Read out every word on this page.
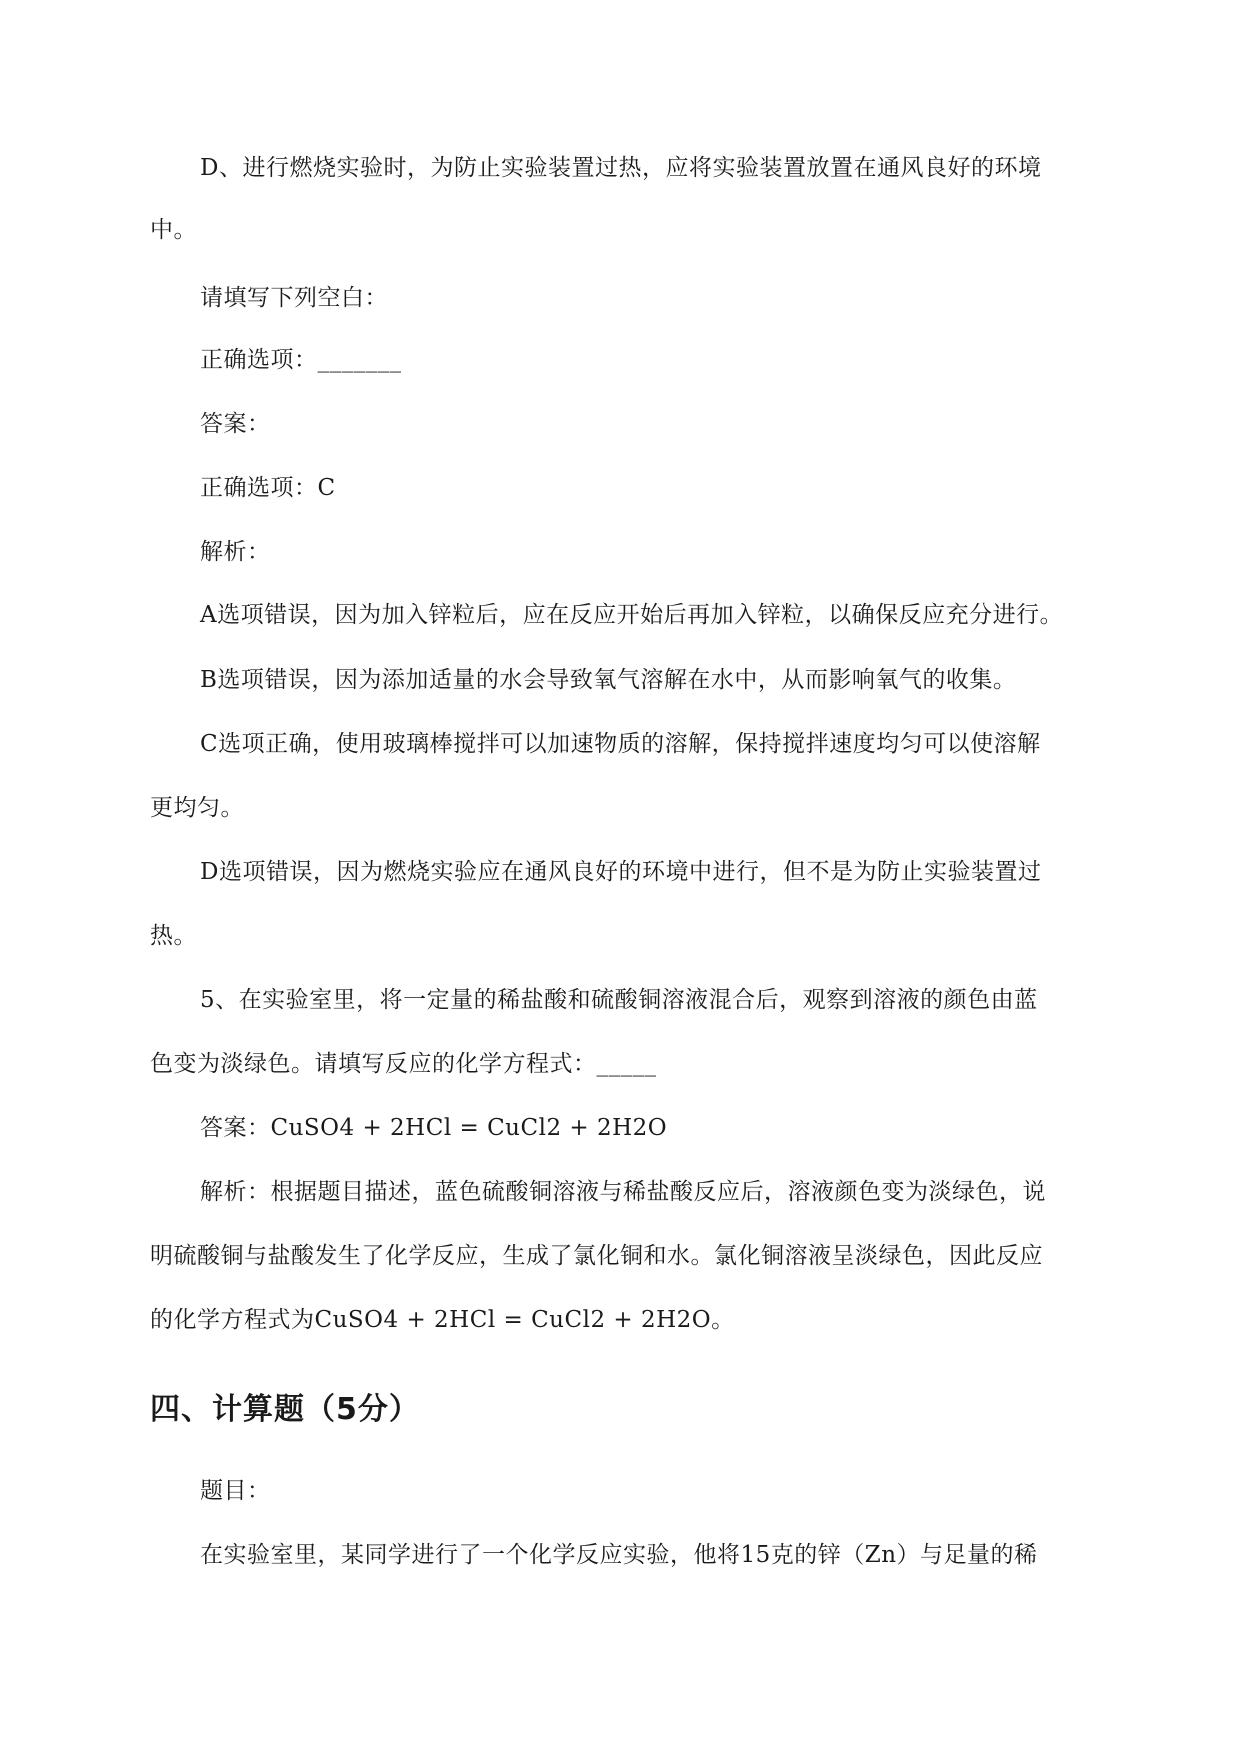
D、进行燃烧实验时，为防止实验装置过热，应将实验装置放置在通风良好的环境
中。
请填写下列空白：
正确选项：_______
答案：
正确选项：C
解析：
A选项错误，因为加入锌粒后，应在反应开始后再加入锌粒，以确保反应充分进行。
B选项错误，因为添加适量的水会导致氧气溶解在水中，从而影响氧气的收集。
C选项正确，使用玻璃棒搅拌可以加速物质的溶解，保持搅拌速度均匀可以使溶解
更均匀。
D选项错误，因为燃烧实验应在通风良好的环境中进行，但不是为防止实验装置过
热。
5、在实验室里，将一定量的稀盐酸和硫酸铜溶液混合后，观察到溶液的颜色由蓝
色变为淡绿色。请填写反应的化学方程式：_____
答案：CuSO4 + 2HCl = CuCl2 + 2H2O
解析：根据题目描述，蓝色硫酸铜溶液与稀盐酸反应后，溶液颜色变为淡绿色，说
明硫酸铜与盐酸发生了化学反应，生成了氯化铜和水。氯化铜溶液呈淡绿色，因此反应
的化学方程式为CuSO4 + 2HCl = CuCl2 + 2H2O。
四、计算题（5分）
题目：
在实验室里，某同学进行了一个化学反应实验，他将15克的锌（Zn）与足量的稀
